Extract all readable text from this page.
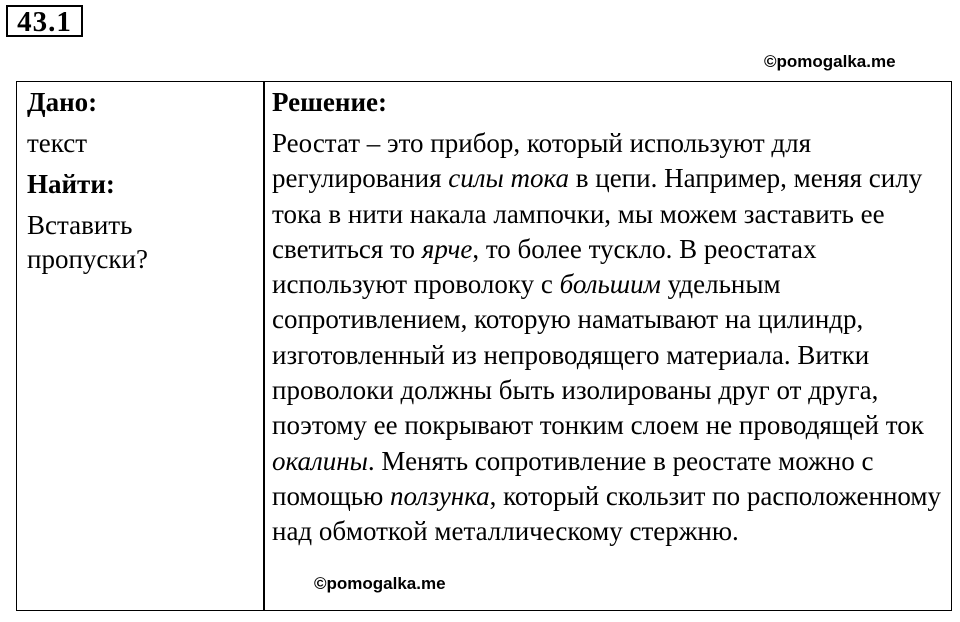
43.1
©pomogalka.me
Дано:
текст
Найти:
Вставить
пропуски?
Решение:
Реостат – это прибор, который используют для регулирования силы тока в цепи. Например, меняя силу тока в нити накала лампочки, мы можем заставить ее светиться то ярче, то более тускло. В реостатах используют проволоку с большим удельным сопротивлением, которую наматывают на цилиндр, изготовленный из непроводящего материала. Витки проволоки должны быть изолированы друг от друга, поэтому ее покрывают тонким слоем не проводящей ток окалины. Менять сопротивление в реостате можно с помощью ползунка, который скользит по расположенному над обмоткой металлическому стержню.
©pomogalka.me
